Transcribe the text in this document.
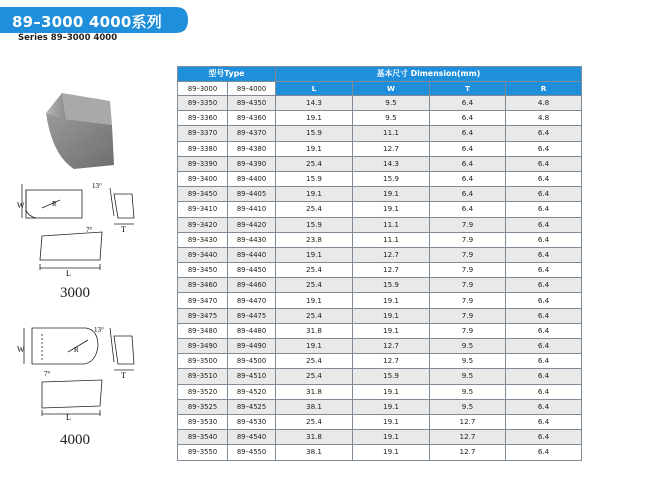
89–3000 4000系列
Series 89–3000 4000
W	R
13°
7°	T
L
3000
W	R
13°
7°	T
L
4000
型号Type		基本尺寸 Dimension(mm)			
89–3000	89–4000	L	W	T	R
89–3350	89–4350	14.3	9.5	6.4	4.8
89–3360	89–4360	19.1	9.5	6.4	4.8
89–3370	89–4370	15.9	11.1	6.4	6.4
89–3380	89–4380	19.1	12.7	6.4	6.4
89–3390	89–4390	25.4	14.3	6.4	6.4
89–3400	89–4400	15.9	15.9	6.4	6.4
89–3450	89–4405	19.1	19.1	6.4	6.4
89–3410	89–4410	25.4	19.1	6.4	6.4
89–3420	89–4420	15.9	11.1	7.9	6.4
89–3430	89–4430	23.8	11.1	7.9	6.4
89–3440	89–4440	19.1	12.7	7.9	6.4
89–3450	89–4450	25.4	12.7	7.9	6.4
89–3460	89–4460	25.4	15.9	7.9	6.4
89–3470	89–4470	19.1	19.1	7.9	6.4
89–3475	89–4475	25.4	19.1	7.9	6.4
89–3480	89–4480	31.8	19.1	7.9	6.4
89–3490	89–4490	19.1	12.7	9.5	6.4
89–3500	89–4500	25.4	12.7	9.5	6.4
89–3510	89–4510	25.4	15.9	9.5	6.4
89–3520	89–4520	31.8	19.1	9.5	6.4
89–3525	89–4525	38.1	19.1	9.5	6.4
89–3530	89–4530	25.4	19.1	12.7	6.4
89–3540	89–4540	31.8	19.1	12.7	6.4
89–3550	89–4550	38.1	19.1	12.7	6.4
